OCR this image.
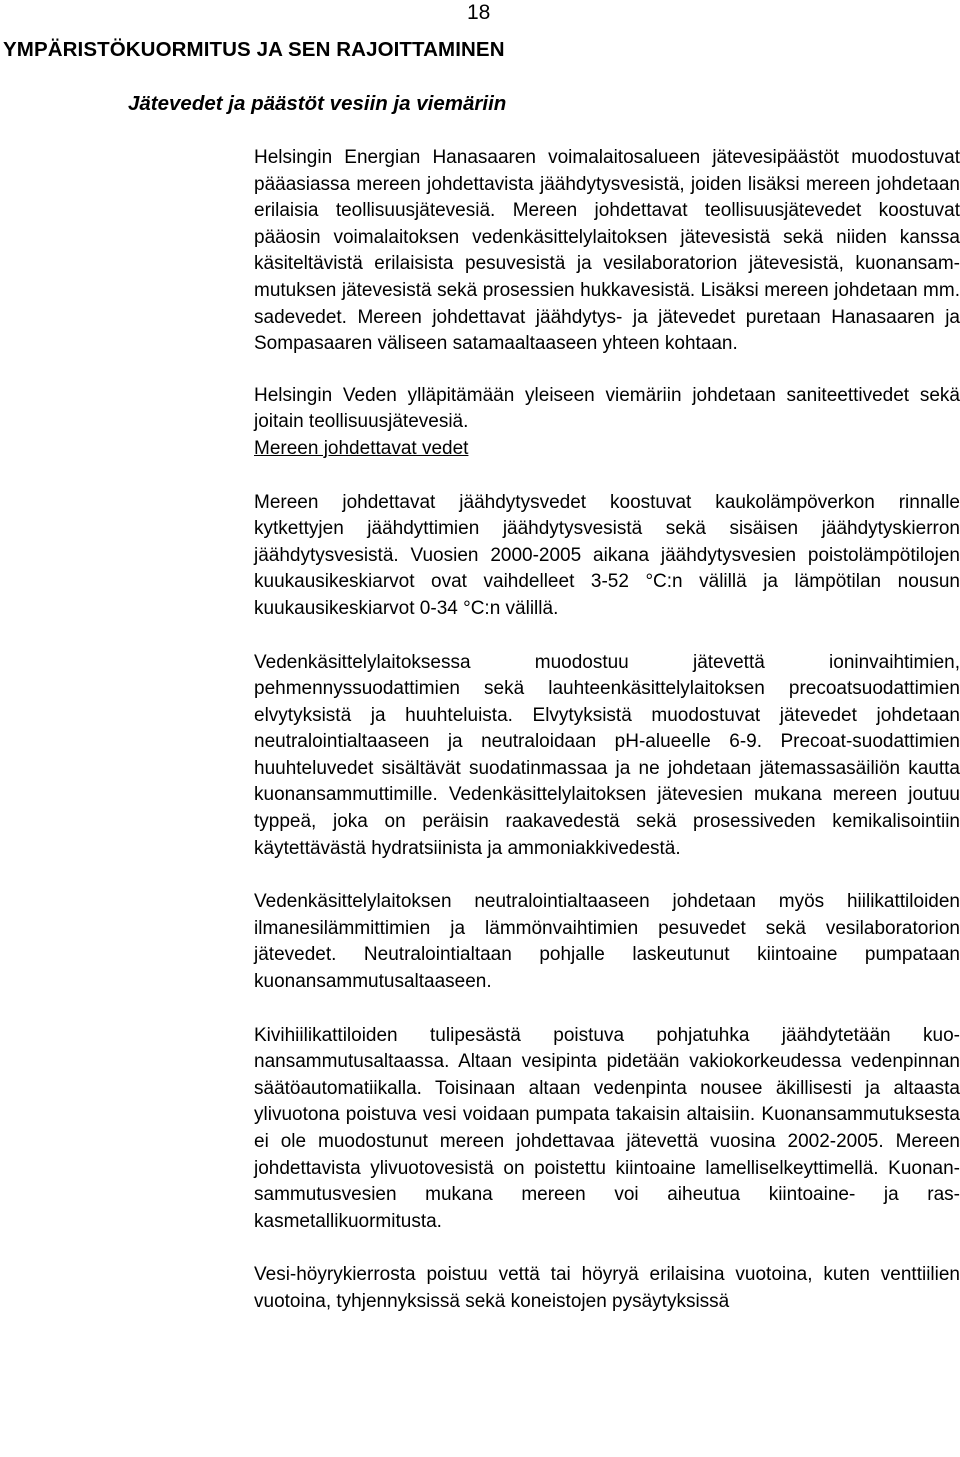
18
YMPÄRISTÖKUORMITUS JA SEN RAJOITTAMINEN
Jätevedet ja päästöt vesiin ja viemäriin

Helsingin Energian Hanasaaren voimalaitosalueen jätevesipäästöt muodostuvat pääasiassa mereen johdettavista jäähdytysvesistä, joiden lisäksi mereen johdetaan erilaisia teollisuusjätevesiä. Mereen johdettavat teollisuusjätevedet koostuvat pääosin voimalaitoksen vedenkäsittelylaitoksen jätevesistä sekä niiden kanssa käsiteltävistä erilaisista pesuvesistä ja vesilaboratorion jätevesistä, kuonansammutuksen jätevesistä sekä prosessien hukkavesistä. Lisäksi mereen johdetaan mm. sadevedet. Mereen johdettavat jäähdytys- ja jätevedet puretaan Hanasaaren ja Sompasaaren väliseen satamaaltaaseen yhteen kohtaan.

Helsingin Veden ylläpitämään yleiseen viemäriin johdetaan saniteettivedet sekä joitain teollisuusjätevesiä.

Mereen johdettavat vedet

Mereen johdettavat jäähdytysvedet koostuvat kaukolämpöverkon rinnalle kytkettyjen jäähdyttimien jäähdytysvesistä sekä sisäisen jäähdytyskierron jäähdytysvesistä. Vuosien 2000-2005 aikana jäähdytysvesien poistolämpötilojen kuukausikeskiarvot ovat vaihdelleet 3-52 °C:n välillä ja lämpötilan nousun kuukausikeskiarvot 0-34 °C:n välillä.

Vedenkäsittelylaitoksessa muodostuu jätevettä ioninvaihtimien, pehmennyssuodattimien sekä lauhteenkäsittelylaitoksen precoatsuodattimien elvytyksistä ja huuhteluista. Elvytyksistä muodostuvat jätevedet johdetaan neutralointialtaaseen ja neutraloidaan pH-alueelle 6-9. Precoat-suodattimien huuhteluvedet sisältävät suodatinmassaa ja ne johdetaan jätemassasäiliön kautta kuonansammuttimille. Vedenkäsittelylaitoksen jätevesien mukana mereen joutuu typpeä, joka on peräisin raakavedestä sekä prosessiveden kemikalisointiin käytettävästä hydratsiinista ja ammoniakkivedestä.

Vedenkäsittelylaitoksen neutralointialtaaseen johdetaan myös hiilikattiloiden ilmanesilämmittimien ja lämmönvaihtimien pesuvedet sekä vesilaboratorion jätevedet. Neutralointialtaan pohjalle laskeutunut kiintoaine pumpataan kuonansammutusaltaaseen.

Kivihiilikattiloiden tulipesästä poistuva pohjatuhka jäähdytetään kuonansammutusaltaassa. Altaan vesipinta pidetään vakiokorkeudessa vedenpinnan säätöautomatiikalla. Toisinaan altaan vedenpinta nousee äkillisesti ja altaasta ylivuotona poistuva vesi voidaan pumpata takaisin altaisiin. Kuonansammutuksesta ei ole muodostunut mereen johdettavaa jätevettä vuosina 2002-2005. Mereen johdettavista ylivuotovesistä on poistettu kiintoaine lamelliselkeyttimellä. Kuonansammutusvesien mukana mereen voi aiheutua kiintoaine- ja raskasmetallikuormitusta.

Vesi-höyrykierrosta poistuu vettä tai höyryä erilaisina vuotoina, kuten venttiilien vuotoina, tyhjennyksissä sekä koneistojen pysäytyksissä
